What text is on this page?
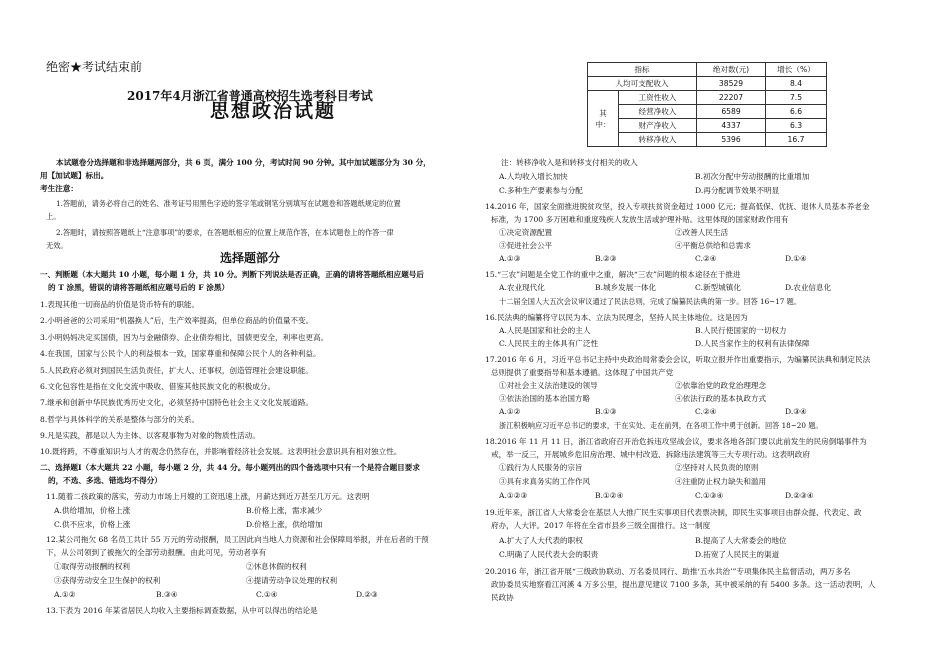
绝密★考试结束前
2017年4月浙江省普通高校招生选考科目考试
思想政治试题
本试题卷分选择题和非选择题两部分，共 6 页，满分 100 分，考试时间 90 分钟。其中加试题部分为 30 分，
用【加试题】标出。
考生注意：
1.答题前，请务必将自己的姓名、准考证号用黑色字迹的签字笔或钢笔分别填写在试题卷和答题纸规定的位置
上。
2.答题时，请按照答题纸上“注意事项”的要求，在答题纸相应的位置上规范作答，在本试题卷上的作答一律
无效。
选择题部分
一、判断题（本大题共 10 小题，每小题 1 分，共 10 分。判断下列说法是否正确，正确的请将答题纸相应题号后
的 T 涂黑，错误的请将答题纸相应题号后的 F 涂黑）
1.表现其他一切商品的价值是货币特有的职能。
2.小明爸爸的公司采用“机器换人”后，生产效率提高，但单位商品的价值量不变。
3.小明妈妈决定买国债，因为与金融债券、企业债券相比，国债更安全，利率也更高。
4.在我国，国家与公民个人的利益根本一致，国家尊重和保障公民个人的各种利益。
5.人民政府必须对到国民生活负责任，扩大人、还事权，创造管理社会建设职能。
6.文化包容性是指在文化交流中吸收、借鉴其他民族文化的积极成分。
7.继承和创新中华民族优秀历史文化，必须坚持中国特色社会主义文化发展道路。
8.哲学与具体科学的关系是整体与部分的关系。
9.凡是实践，都是以人为主体、以客观事物为对象的物质性活动。
10.既将跨，不尊重知识与人才的观念仍然存在，并影响着经济社会发展。这表明社会意识具有相对独立性。
二、选择题Ⅰ（本大题共 22 小题，每小题 2 分，共 44 分。每小题列出的四个备选项中只有一个是符合题目要求
的，不选、多选、错选均不得分）
11.随着二孩政策的落实，劳动力市场上月嫂的工资迅速上涨，月薪达到近万甚至几万元。这表明
A.供给增加，价格上涨	B.价格上涨，需求减少
C.供不应求，价格上涨	D.价格上涨，供给增加
12.某公司拖欠 68 名员工共计 55 万元的劳动报酬，员工因此向当地人力资源和社会保障局举报，并在后者的干预
下，从公司领到了被拖欠的全部劳动报酬。由此可见，劳动者享有
①取得劳动报酬的权利	②休息休假的权利
③获得劳动安全卫生保护的权利	④提请劳动争议处理的权利
A.①②	B.③④	C.①④	D.②③
13.下表为 2016 年某省居民人均收入主要指标调查数据，从中可以得出的结论是
指标		绝对数(元)	增长（%）
人均可支配收入		38529	8.4
其中：	工资性收入	22207	7.5
	经营净收入	6589	6.6
	财产净收入	4337	6.3
	转移净收入	5396	16.7
注：转移净收入是和转移支付相关的收入
A.人均收入增长加快	B.初次分配中劳动报酬的比重增加
C.多种生产要素参与分配	D.再分配调节效果不明显
14.2016 年，国家全面推进脱贫攻坚，投入专项扶贫资金超过 1000 亿元；提高低保、优抚、退休人员基本养老金
标准，为 1700 多万困难和重度残疾人发放生活或护理补贴。这里体现的国家财政作用有
①决定资源配置	②改善人民生活
③促进社会公平	④平衡总供给和总需求
A.①③	B.②③	C.②④	D.①④
15.“三农”问题是全党工作的重中之重，解决“三农”问题的根本途径在于推进
A.农业现代化	B.城乡发展一体化	C.新型城镇化	D.农业信息化
十二届全国人大五次会议审议通过了民法总则，完成了编纂民法典的第一步。回答 16~17 题。
16.民法典的编纂将守以民为本、立法为民理念，坚持人民主体地位。这是因为
A.人民是国家和社会的主人	B.人民行使国家的一切权力
C.人民民主的主体具有广泛性	D.人民当家作主的权利有法律保障
17.2016 年 6 月，习近平总书记主持中央政治局常委会会议，听取立报并作出重要指示，为编纂民法典和制定民法
总则提供了重要指导和基本遵循。这体现了中国共产党
①对社会主义法治建设的领导	②依靠治党的政党治理理念
③依法治国的基本治国方略	④依法行政的基本执政方式
A.①②	B.①③	C.②④	D.③④
浙江积极响应习近平总书记的要求，干在实处、走在前列，在各项工作中勇于创新。回答 18~20 题。
18.2016 年 11 月 11 日，浙江省政府召开治危拆违攻坚战会议，要求各地各部门要以此前发生的民房倒塌事件为
戒，举一反三，开展城乡危旧房治理、城中村改造、拆除违法建筑等三大专项行动。这表明政府
①践行为人民服务的宗旨	②坚持对人民负责的原则
③具有求真务实的工作作风	④注重防止权力缺失和滥用
A.①②③	B.①②④	C.①③④	D.②③④
19.近年来，浙江省人大常委会在基层人大推广民生实事项目代表票决制，即民生实事项目由群众提、代表定、政
府办，人大评。2017 年将在全省市县乡三级全面推行。这一制度
A.扩大了人大代表的职权	B.提高了人大常委会的地位
C.明确了人民代表大会的职责	D.拓宽了人民民主的渠道
20.2016 年，浙江省开展“三级政协联动、万名委员同行、助推‘五水共治’”专项集体民主监督活动，两万多名
政协委员实地察看江河溪 4 万多公里，提出意见建议 7100 多条，其中被采纳的有 5400 多条。这一活动表明，人
民政协
